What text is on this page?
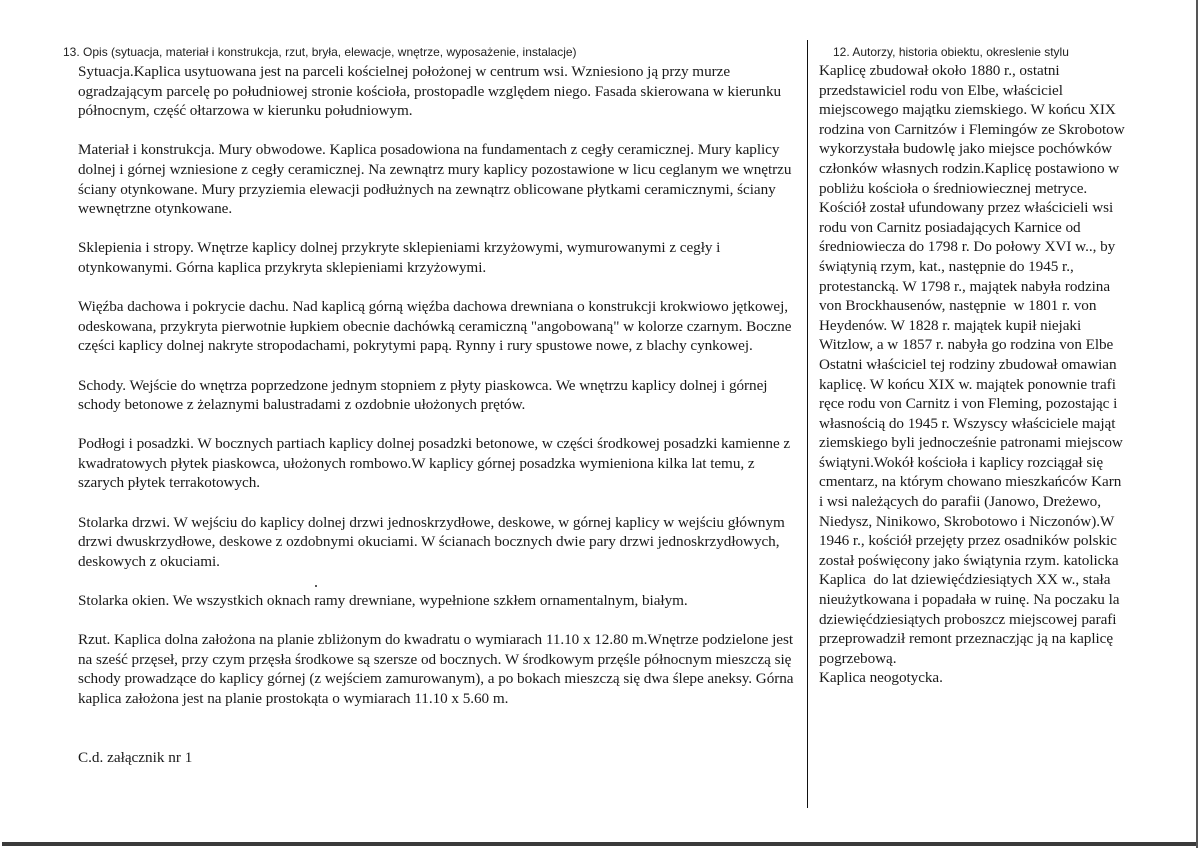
13. Opis (sytuacja, materiał i konstrukcja, rzut, bryła, elewacje, wnętrze, wyposażenie, instalacje)

Sytuacja.Kaplica usytuowana jest na parceli kościelnej położonej w centrum wsi. Wzniesiono ją przy murze ogradzającym parcelę po południowej stronie kościoła, prostopadle względem niego. Fasada skierowana w kierunku północnym, część ołtarzowa w kierunku południowym.

Materiał i konstrukcja. Mury obwodowe. Kaplica posadowiona na fundamentach z cegły ceramicznej. Mury kaplicy dolnej i górnej wzniesione z cegły ceramicznej. Na zewnątrz mury kaplicy pozostawione w licu ceglanym we wnętrzu ściany otynkowane. Mury przyziemia elewacji podłużnych na zewnątrz oblicowane płytkami ceramicznymi, ściany wewnętrzne otynkowane.

Sklepienia i stropy. Wnętrze kaplicy dolnej przykryte sklepieniami krzyżowymi, wymurowanymi z cegły i otynkowanymi. Górna kaplica przykryta sklepieniami krzyżowymi.

Więźba dachowa i pokrycie dachu. Nad kaplicą górną więźba dachowa drewniana o konstrukcji krokwiowo jętkowej, odeskowana, przykryta pierwotnie łupkiem obecnie dachówką ceramiczną "angobowaną" w kolorze czarnym. Boczne części kaplicy dolnej nakryte stropodachami, pokrytymi papą. Rynny i rury spustowe nowe, z blachy cynkowej.

Schody. Wejście do wnętrza poprzedzone jednym stopniem z płyty piaskowca. We wnętrzu kaplicy dolnej i górnej schody betonowe z żelaznymi balustradami z ozdobnie ułożonych prętów.

Podłogi i posadzki. W bocznych partiach kaplicy dolnej posadzki betonowe, w części środkowej posadzki kamienne z kwadratowych płytek piaskowca, ułożonych rombowo.W kaplicy górnej posadzka wymieniona kilka lat temu, z szarych płytek terrakotowych.

Stolarka drzwi. W wejściu do kaplicy dolnej drzwi jednoskrzydłowe, deskowe, w górnej kaplicy w wejściu głównym drzwi dwuskrzydłowe, deskowe z ozdobnymi okuciami. W ścianach bocznych dwie pary drzwi jednoskrzydłowych, deskowych z okuciami.

Stolarka okien. We wszystkich oknach ramy drewniane, wypełnione szkłem ornamentalnym, białym.

Rzut. Kaplica dolna założona na planie zbliżonym do kwadratu o wymiarach 11.10 x 12.80 m.Wnętrze podzielone jest na sześć przęseł, przy czym przęsła środkowe są szersze od bocznych. W środkowym przęśle północnym mieszczą się schody prowadzące do kaplicy górnej (z wejściem zamurowanym), a po bokach mieszczą się dwa ślepe aneksy. Górna kaplica założona jest na planie prostokąta o wymiarach 11.10 x 5.60 m.

C.d. załącznik nr 1
12. Autorzy, historia obiektu, okreslenie stylu

Kaplicę zbudował około 1880 r., ostatni

przedstawiciel rodu von Elbe, właściciel

miejscowego majątku ziemskiego. W końcu XIX

rodzina von Carnitzów i Flemingów ze Skrobotow

wykorzystała budowlę jako miejsce pochówków

członków własnych rodzin.Kaplicę postawiono w

pobliżu kościoła o średniowiecznej metryce.

Kościół został ufundowany przez właścicieli wsi

rodu von Carnitz posiadających Karnice od

średniowiecza do 1798 r. Do połowy XVI w.., by

świątynią rzym, kat., następnie do 1945 r.,

protestancką. W 1798 r., majątek nabyła rodzina

von Brockhausenów, następnie  w 1801 r. von

Heydenów. W 1828 r. majątek kupił niejaki

Witzlow, a w 1857 r. nabyła go rodzina von Elbe

Ostatni właściciel tej rodziny zbudował omawian

kaplicę. W końcu XIX w. majątek ponownie trafi

ręce rodu von Carnitz i von Fleming, pozostając i

własnością do 1945 r. Wszyscy właściciele mająt

ziemskiego byli jednocześnie patronami miejscow

świątyni.Wokół kościoła i kaplicy rozciągał się

cmentarz, na którym chowano mieszkańców Karn

i wsi należących do parafii (Janowo, Dreżewo,

Niedysz, Ninikowo, Skrobotowo i Niczonów).W

1946 r., kościół przejęty przez osadników polskic

został poświęcony jako świątynia rzym. katolicka

Kaplica  do lat dziewięćdziesiątych XX w., stała

nieużytkowana i popadała w ruinę. Na poczaku la

dziewięćdziesiątych proboszcz miejscowej parafi

przeprowadził remont przeznaczjąc ją na kaplicę

pogrzebową.

Kaplica neogotycka.
